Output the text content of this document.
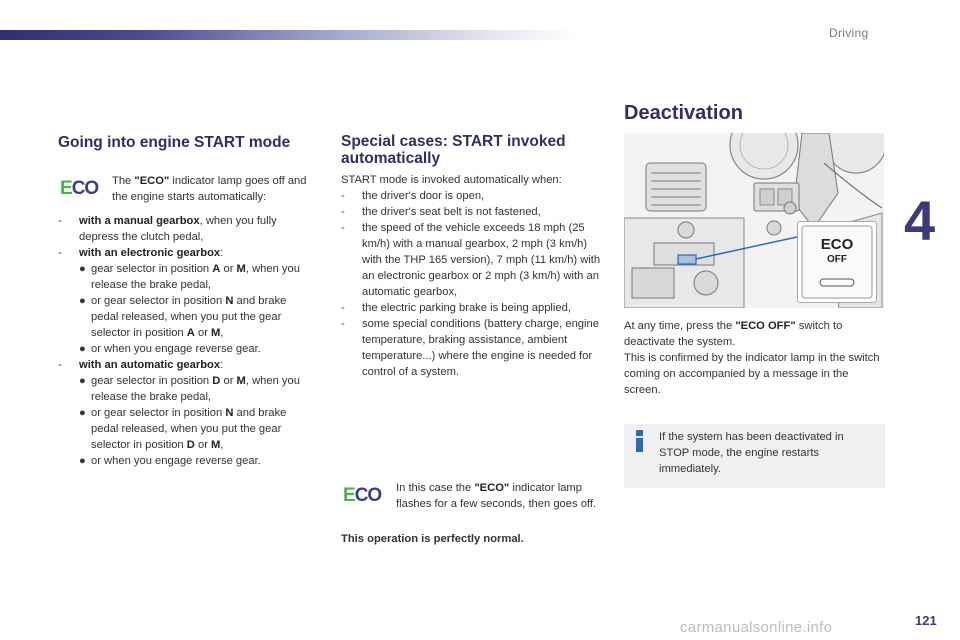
Driving
4
Going into engine START mode
ECO The "ECO" indicator lamp goes off and the engine starts automatically:
-	with a manual gearbox, when you fully depress the clutch pedal,
-	with an electronic gearbox:
● gear selector in position A or M, when you release the brake pedal,
● or gear selector in position N and brake pedal released, when you put the gear selector in position A or M,
● or when you engage reverse gear.
-	with an automatic gearbox:
● gear selector in position D or M, when you release the brake pedal,
● or gear selector in position N and brake pedal released, when you put the gear selector in position D or M,
● or when you engage reverse gear.
Special cases: START invoked automatically
START mode is invoked automatically when:
-	the driver's door is open,
-	the driver's seat belt is not fastened,
-	the speed of the vehicle exceeds 18 mph (25 km/h) with a manual gearbox, 2 mph (3 km/h) with the THP 165 version), 7 mph (11 km/h) with an electronic gearbox or 2 mph (3 km/h) with an automatic gearbox,
-	the electric parking brake is being applied,
-	some special conditions (battery charge, engine temperature, braking assistance, ambient temperature...) where the engine is needed for control of a system.
ECO In this case the "ECO" indicator lamp flashes for a few seconds, then goes off.
This operation is perfectly normal.
Deactivation
ECO
OFF
At any time, press the "ECO OFF" switch to deactivate the system.
This is confirmed by the indicator lamp in the switch coming on accompanied by a message in the screen.
If the system has been deactivated in STOP mode, the engine restarts immediately.
carmanualsonline.info	121
